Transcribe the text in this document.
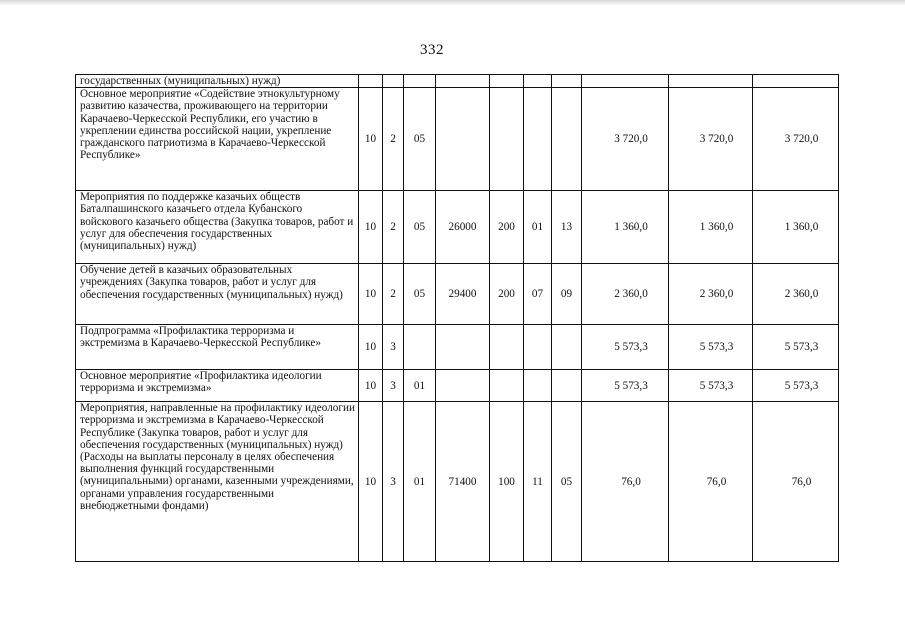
332
государственных (муниципальных) нужд)										
Основное мероприятие «Содействие этнокультурному развитию казачества, проживающего на территории Карачаево-Черкесской Республики, его участию в укреплении единства российской нации, укрепление гражданского патриотизма в Карачаево-Черкесской Республике»	10	2	05					3 720,0	3 720,0	3 720,0
Мероприятия по поддержке казачьих обществ Баталпашинского казачьего отдела Кубанского войскового казачьего общества (Закупка товаров, работ и услуг для обеспечения государственных (муниципальных) нужд)	10	2	05	26000	200	01	13	1 360,0	1 360,0	1 360,0
Обучение детей в казачьих образовательных учреждениях (Закупка товаров, работ и услуг для обеспечения государственных (муниципальных) нужд)	10	2	05	29400	200	07	09	2 360,0	2 360,0	2 360,0
Подпрограмма «Профилактика терроризма и экстремизма в Карачаево-Черкесской Республике»	10	3						5 573,3	5 573,3	5 573,3
Основное мероприятие «Профилактика идеологии терроризма и экстремизма»	10	3	01					5 573,3	5 573,3	5 573,3
Мероприятия, направленные на профилактику идеологии терроризма и экстремизма в Карачаево-Черкесской Республике (Закупка товаров, работ и услуг для обеспечения государственных (муниципальных) нужд) (Расходы на выплаты персоналу в целях обеспечения выполнения функций государственными (муниципальными) органами, казенными учреждениями, органами управления государственными внебюджетными фондами)	10	3	01	71400	100	11	05	76,0	76,0	76,0
